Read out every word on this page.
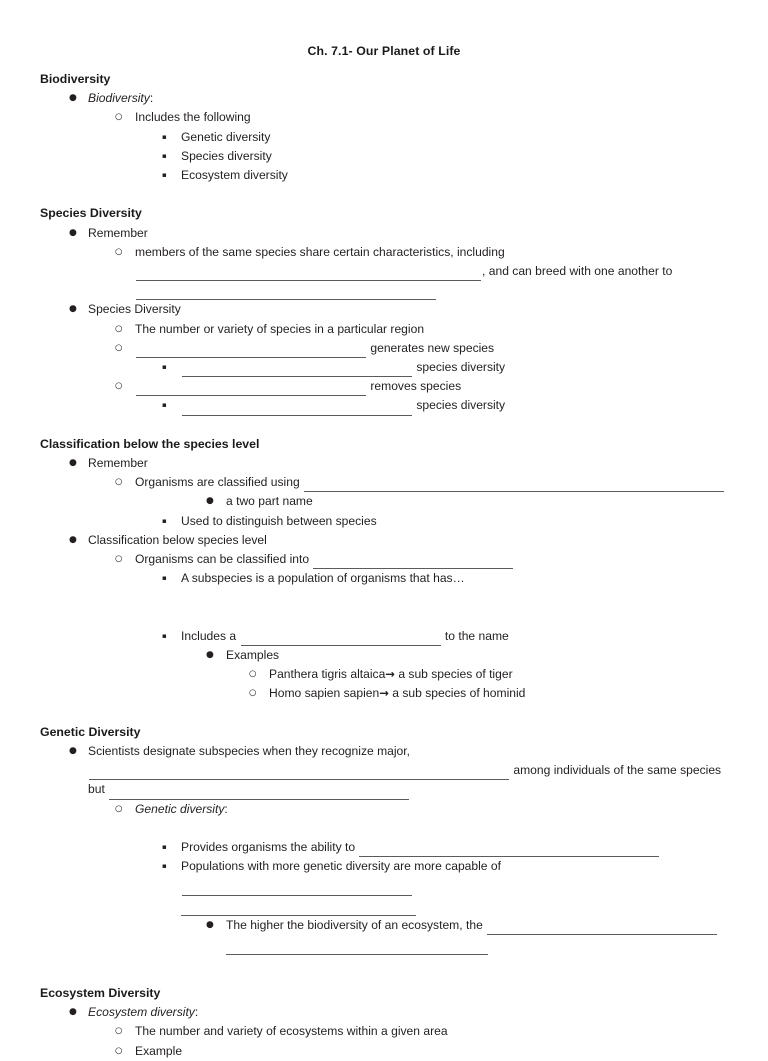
Ch. 7.1- Our Planet of Life
Biodiversity
● Biodiversity:
○ Includes the following
▪ Genetic diversity
▪ Species diversity
▪ Ecosystem diversity
Species Diversity
● Remember
○ members of the same species share certain characteristics, including , and can breed with one another to
● Species Diversity
○ The number or variety of species in a particular region
○	generates new species
▪	species diversity
○	removes species
▪	species diversity
Classification below the species level
● Remember
○ Organisms are classified using
● a two part name
▪ Used to distinguish between species
● Classification below species level
○ Organisms can be classified into
▪ A subspecies is a population of organisms that has…
▪ Includes a	to the name
● Examples
○ Panthera tigris altaica→ a sub species of tiger
○ Homo sapien sapien→ a sub species of hominid
Genetic Diversity
● Scientists designate subspecies when they recognize major,  among individuals of the same species but
○ Genetic diversity:
▪ Provides organisms the ability to
▪ Populations with more genetic diversity are more capable of
● The higher the biodiversity of an ecosystem, the
Ecosystem Diversity
● Ecosystem diversity:
○ The number and variety of ecosystems within a given area
○ Example
